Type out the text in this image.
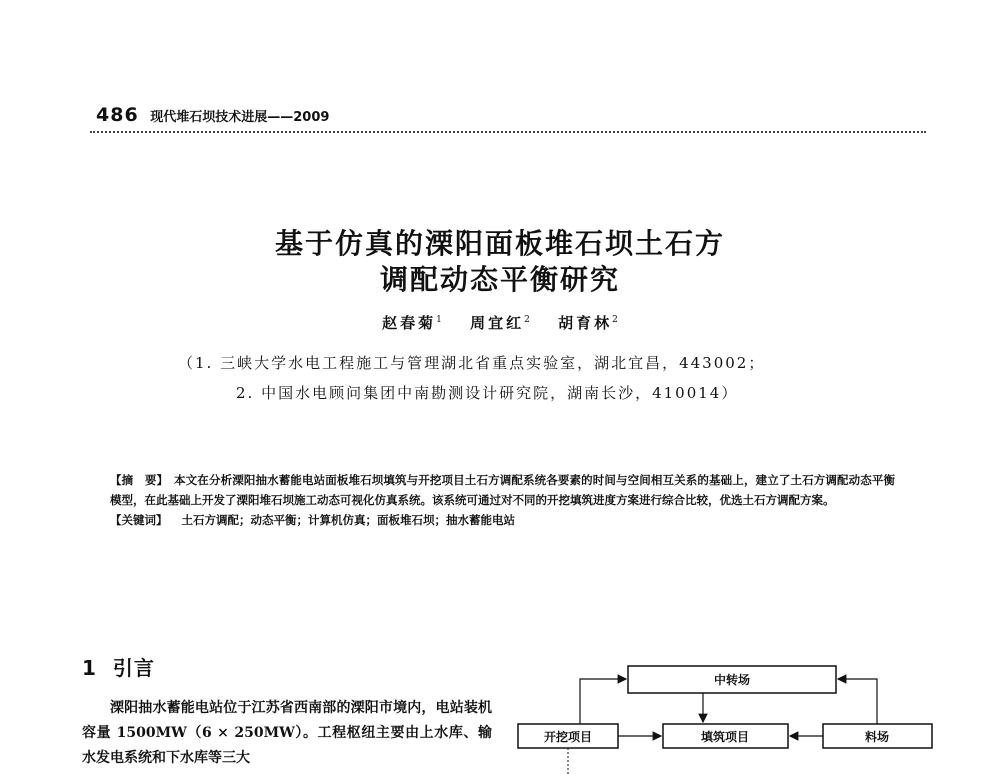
486 现代堆石坝技术进展——2009
基于仿真的溧阳面板堆石坝土石方
调配动态平衡研究
赵春菊$^1$ 周宜红$^2$ 胡育林$^2$
（1. 三峡大学水电工程施工与管理湖北省重点实验室，湖北宜昌，443002；
2. 中国水电顾问集团中南勘测设计研究院，湖南长沙，410014）

【摘　要】　 本文在分析溧阳抽水蓄能电站面板堆石坝填筑与开挖项目土石方调配系统各要素的时间与空间相互关系的基础上，建立了土石方调配动态平衡模型，在此基础上开发了溧阳堆石坝施工动态可视化仿真系统。该系统可通过对不同的开挖填筑进度方案进行综合比较，优选土石方调配方案。

【关键词】 土石方调配；动态平衡；计算机仿真；面板堆石坝；抽水蓄能电站

1 引言

溧阳抽水蓄能电站位于江苏省西南部的溧阳市境内，电站装机容量 1500MW（6 × 250MW）。工程枢纽主要由上水库、输水发电系统和下水库等三大

中转场
开挖项目	填筑项目	料场
